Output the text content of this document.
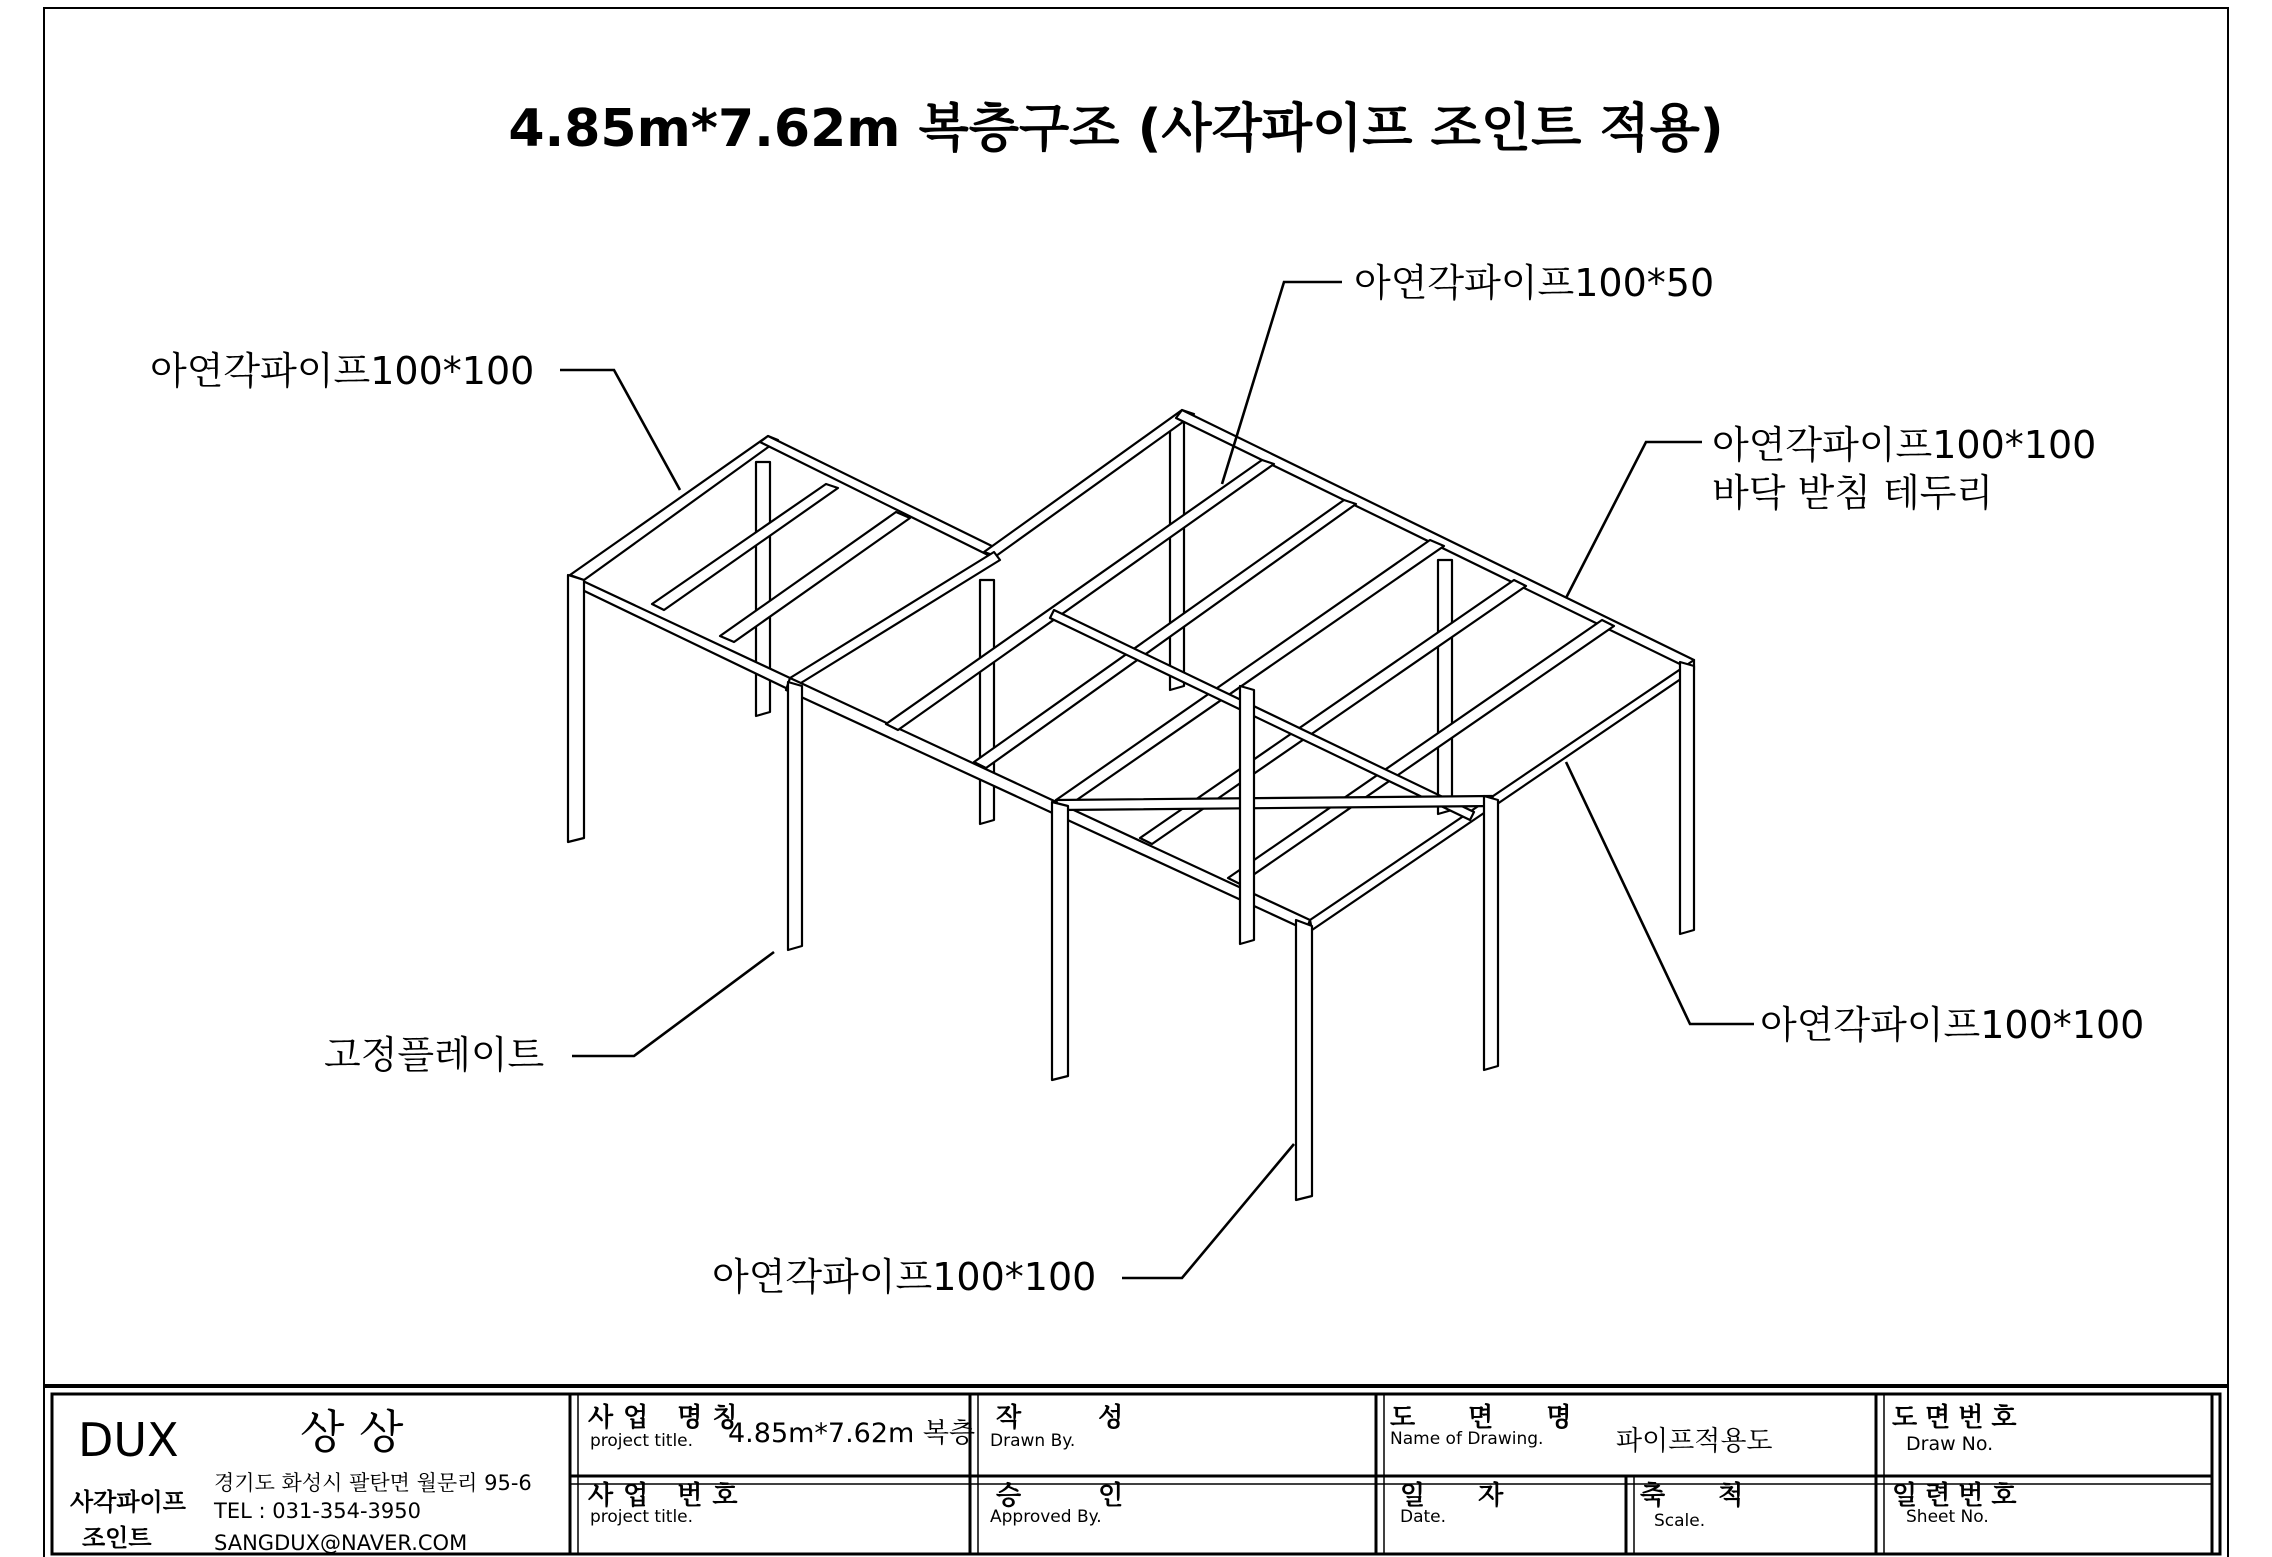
4.85m*7.62m 복층구조 (사각파이프 조인트 적용)
아연각파이프100*100
아연각파이프100*50
아연각파이프100*100
바닥 받침 테두리
고정플레이트
아연각파이프100*100
아연각파이프100*100
DUX	상 상
사각파이프
조인트
경기도 화성시 팔탄면 월문리 95-6
TEL : 031-354-3950
SANGDUX@NAVER.COM
사업 명칭
project title. 4.85m*7.62m 복층
사업 번호
project title.
작 성
Drawn By.
승 인
Approved By.
도 면 명
Name of Drawing.	파이프적용도
일 자
Date.
축 척
Scale.
도면번호
Draw No.
일련번호
Sheet No.
